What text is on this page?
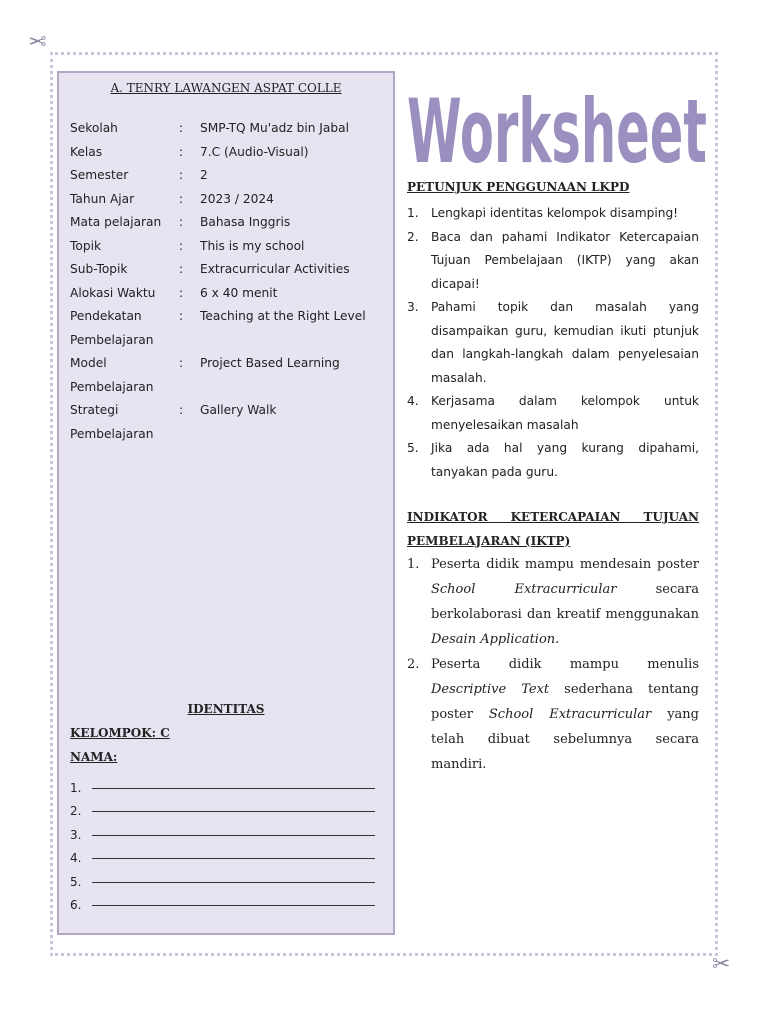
✂
✂
A. TENRY LAWANGEN ASPAT COLLE
Sekolah	:	SMP-TQ Mu'adz bin Jabal
Kelas	:	7.C (Audio-Visual)
Semester	:	2
Tahun Ajar	:	2023 / 2024
Mata pelajaran	:	Bahasa Inggris
Topik	:	This is my school
Sub-Topik	:	Extracurricular Activities
Alokasi Waktu	:	6 x 40 menit
Pendekatan	:	Teaching at the Right Level
Pembelajaran
Model	:	Project Based Learning
Pembelajaran
Strategi	:	Gallery Walk
Pembelajaran
IDENTITAS
KELOMPOK: C
NAMA:
1.
2.
3.
4.
5.
6.
Worksheet
PETUNJUK PENGGUNAAN LKPD
1.	Lengkapi identitas kelompok disamping!
2.	Baca dan pahami Indikator Ketercapaian Tujuan Pembelajaan (IKTP) yang akan dicapai!
3.	Pahami topik dan masalah yang disampaikan guru, kemudian ikuti ptunjuk dan langkah-langkah dalam penyelesaian masalah.
4.	Kerjasama dalam kelompok untuk menyelesaikan masalah
5.	Jika ada hal yang kurang dipahami, tanyakan pada guru.
INDIKATOR KETERCAPAIAN TUJUAN PEMBELAJARAN (IKTP)
1. Peserta didik mampu mendesain poster School Extracurricular secara berkolaborasi dan kreatif menggunakan Desain Application.
2. Peserta didik mampu menulis Descriptive Text sederhana tentang poster School Extracurricular yang telah dibuat sebelumnya secara mandiri.
